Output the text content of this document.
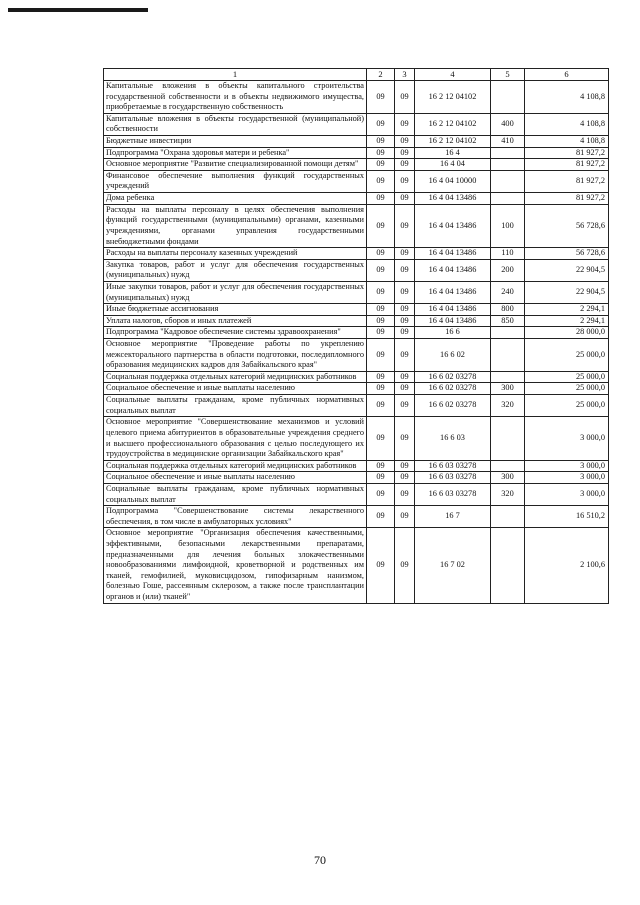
1	2	3	4	5	6
Капитальные вложения в объекты капитального строительства государственной собственности и в объекты недвижимого имущества, приобретаемые в государственную собственность	09	09	16 2 12 04102		4 108,8
Капитальные вложения в объекты государственной (муниципальной) собственности	09	09	16 2 12 04102	400	4 108,8
Бюджетные инвестиции	09	09	16 2 12 04102	410	4 108,8
Подпрограмма "Охрана здоровья матери и ребенка"	09	09	16 4		81 927,2
Основное мероприятие "Развитие специализированной помощи детям"	09	09	16 4 04		81 927,2
Финансовое обеспечение выполнения функций государственных учреждений	09	09	16 4 04 10000		81 927,2
Дома ребенка	09	09	16 4 04 13486		81 927,2
Расходы на выплаты персоналу в целях обеспечения выполнения функций государственными (муниципальными) органами, казенными учреждениями, органами управления государственными внебюджетными фондами	09	09	16 4 04 13486	100	56 728,6
Расходы на выплаты персоналу казенных учреждений	09	09	16 4 04 13486	110	56 728,6
Закупка товаров, работ и услуг для обеспечения государственных (муниципальных) нужд	09	09	16 4 04 13486	200	22 904,5
Иные закупки товаров, работ и услуг для обеспечения государственных (муниципальных) нужд	09	09	16 4 04 13486	240	22 904,5
Иные бюджетные ассигнования	09	09	16 4 04 13486	800	2 294,1
Уплата налогов, сборов и иных платежей	09	09	16 4 04 13486	850	2 294,1
Подпрограмма "Кадровое обеспечение системы здравоохранения"	09	09	16 6		28 000,0
Основное мероприятие "Проведение работы по укреплению межсекторального партнерства в области подготовки, последипломного образования медицинских кадров для Забайкальского края"	09	09	16 6 02		25 000,0
Социальная поддержка отдельных категорий медицинских работников	09	09	16 6 02 03278		25 000,0
Социальное обеспечение и иные выплаты населению	09	09	16 6 02 03278	300	25 000,0
Социальные выплаты гражданам, кроме публичных нормативных социальных выплат	09	09	16 6 02 03278	320	25 000,0
Основное мероприятие "Совершенствование механизмов и условий целевого приема абитуриентов в образовательные учреждения среднего и высшего профессионального образования с целью последующего их трудоустройства в медицинские организации Забайкальского края"	09	09	16 6 03		3 000,0
Социальная поддержка отдельных категорий медицинских работников	09	09	16 6 03 03278		3 000,0
Социальное обеспечение и иные выплаты населению	09	09	16 6 03 03278	300	3 000,0
Социальные выплаты гражданам, кроме публичных нормативных социальных выплат	09	09	16 6 03 03278	320	3 000,0
Подпрограмма "Совершенствование системы лекарственного обеспечения, в том числе в амбулаторных условиях"	09	09	16 7		16 510,2
Основное мероприятие "Организация обеспечения качественными, эффективными, безопасными лекарственными препаратами, предназначенными для лечения больных злокачественными новообразованиями лимфоидной, кроветворной и родственных им тканей, гемофилией, муковисцидозом, гипофизарным нанизмом, болезнью Гоше, рассеянным склерозом, а также после трансплантации органов и (или) тканей"	09	09	16 7 02		2 100,6
70
